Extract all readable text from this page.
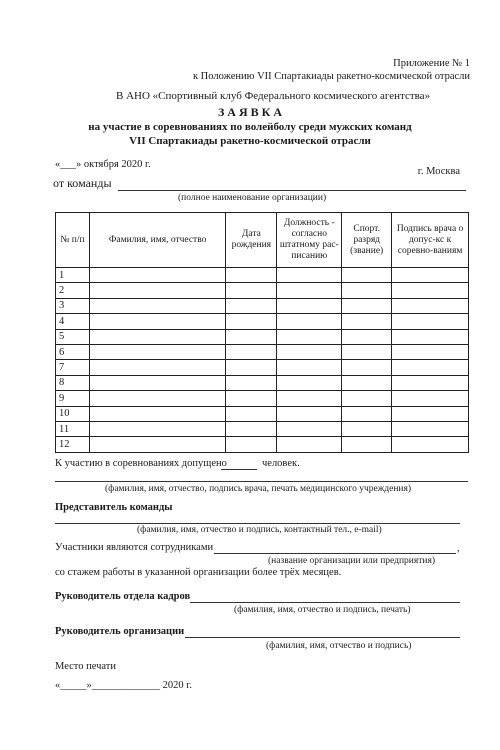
Приложение № 1
к Положению VII Спартакиады ракетно-космической отрасли
В АНО «Спортивный клуб Федерального космического агентства»
З А Я В К А
на участие в соревнованиях по волейболу среди мужских команд
VII Спартакиады ракетно-космической отрасли
«___» октября 2020 г.
г. Москва
от команды
(полное наименование организации)
№ п/п	Фамилия, имя, отчество	Дата рождения	Должность - согласно штатному рас-писанию	Спорт. разряд (звание)	Подпись врача о допус-кс к соревно-ваниям
1					
2					
3					
4					
5					
6					
7					
8					
9					
10					
11					
12					
К участию в соревнованиях допущено	человек.
(фамилия, имя, отчество, подпись врача, печать медицинского учреждения)
Представитель команды
(фамилия, имя, отчество и подпись, контактный тел., e-mail)
Участники являются сотрудниками	,
(название организации или предприятия)
со стажем работы в указанной организации более трёх месяцев.
Руководитель отдела кадров
(фамилия, имя, отчество и подпись, печать)
Руководитель организации
(фамилия, имя, отчество и подпись)
Место печати
«_____»_____________ 2020 г.
